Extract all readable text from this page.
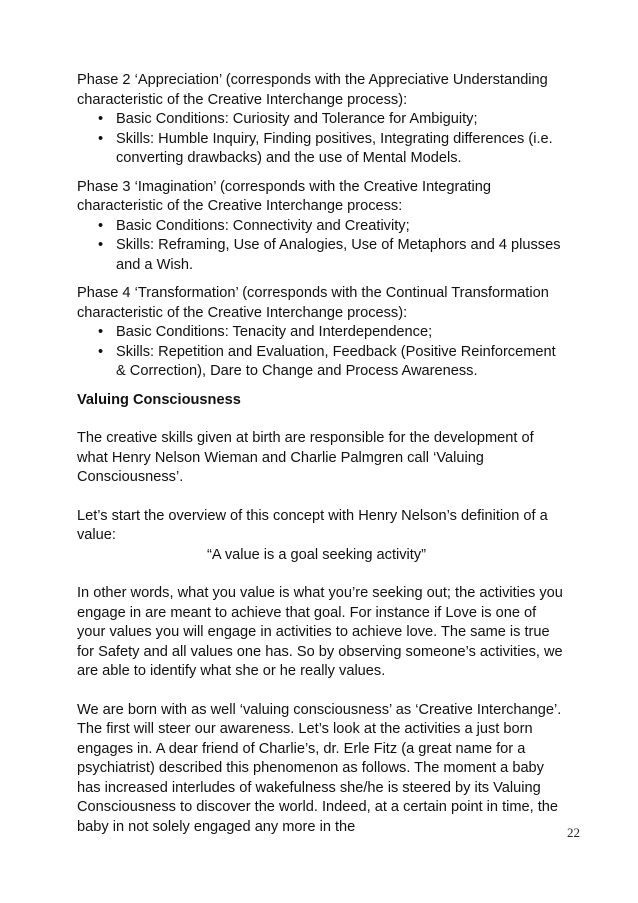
Phase 2 ‘Appreciation’ (corresponds with the Appreciative Understanding characteristic of the Creative Interchange process):

• Basic Conditions: Curiosity and Tolerance for Ambiguity;
• Skills: Humble Inquiry, Finding positives, Integrating differences (i.e. converting drawbacks) and the use of Mental Models.

Phase 3 ‘Imagination’ (corresponds with the Creative Integrating characteristic of the Creative Interchange process:

• Basic Conditions: Connectivity and Creativity;
• Skills: Reframing, Use of Analogies, Use of Metaphors and 4 plusses and a Wish.

Phase 4 ‘Transformation’ (corresponds with the Continual Transformation characteristic of the Creative Interchange process):

• Basic Conditions: Tenacity and Interdependence;
• Skills: Repetition and Evaluation, Feedback (Positive Reinforcement & Correction), Dare to Change and Process Awareness.

Valuing Consciousness

The creative skills given at birth are responsible for the development of what Henry Nelson Wieman and Charlie Palmgren call ‘Valuing Consciousness’.

Let’s start the overview of this concept with Henry Nelson’s definition of a value:

“A value is a goal seeking activity”

In other words, what you value is what you’re seeking out; the activities you engage in are meant to achieve that goal. For instance if Love is one of your values you will engage in activities to achieve love. The same is true for Safety and all values one has. So by observing someone’s activities, we are able to identify what she or he really values.

We are born with as well ‘valuing consciousness’ as ‘Creative Interchange’. The first will steer our awareness. Let’s look at the activities a just born engages in. A dear friend of Charlie’s, dr. Erle Fitz (a great name for a psychiatrist) described this phenomenon as follows. The moment a baby has increased interludes of wakefulness she/he is steered by its Valuing Consciousness to discover the world. Indeed, at a certain point in time, the baby in not solely engaged any more in the	22
